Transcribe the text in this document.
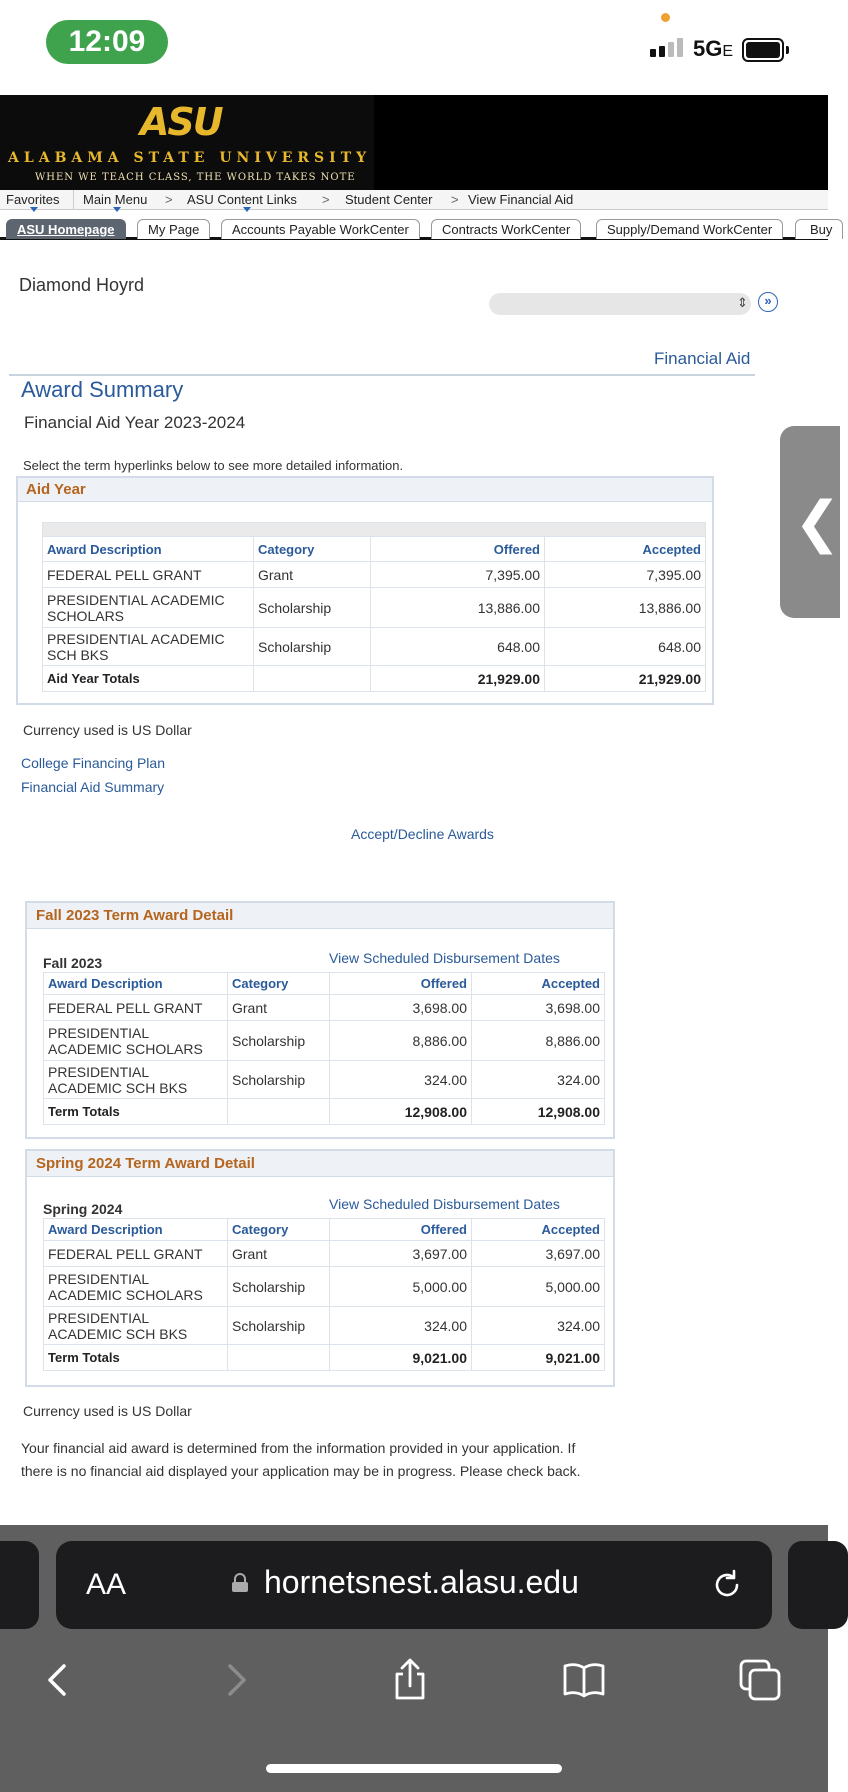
12:09	5GE
ASU
ALABAMA STATE UNIVERSITY
WHEN WE TEACH CLASS, THE WORLD TAKES NOTE
Favorites Main Menu > ASU Content Links > Student Center > View Financial Aid
ASU Homepage	My Page	Accounts Payable WorkCenter	Contracts WorkCenter	Supply/Demand WorkCenter	Buy
Diamond Hoyrd
⇕	»
Financial Aid
Award Summary
Financial Aid Year 2023-2024
Select the term hyperlinks below to see more detailed information.
Aid Year

Award Description	Category	Offered	Accepted
FEDERAL PELL GRANT	Grant	7,395.00	7,395.00
PRESIDENTIAL ACADEMIC SCHOLARS	Scholarship	13,886.00	13,886.00
PRESIDENTIAL ACADEMIC SCH BKS	Scholarship	648.00	648.00
Aid Year Totals		21,929.00	21,929.00
Currency used is US Dollar
College Financing Plan
Financial Aid Summary
Accept/Decline Awards
Fall 2023 Term Award Detail
Fall 2023	View Scheduled Disbursement Dates
Award Description	Category	Offered	Accepted
FEDERAL PELL GRANT	Grant	3,698.00	3,698.00
PRESIDENTIAL ACADEMIC SCHOLARS	Scholarship	8,886.00	8,886.00
PRESIDENTIAL ACADEMIC SCH BKS	Scholarship	324.00	324.00
Term Totals		12,908.00	12,908.00
Spring 2024 Term Award Detail
Spring 2024	View Scheduled Disbursement Dates
Award Description	Category	Offered	Accepted
FEDERAL PELL GRANT	Grant	3,697.00	3,697.00
PRESIDENTIAL ACADEMIC SCHOLARS	Scholarship	5,000.00	5,000.00
PRESIDENTIAL ACADEMIC SCH BKS	Scholarship	324.00	324.00
Term Totals		9,021.00	9,021.00
Currency used is US Dollar
Your financial aid award is determined from the information provided in your application. If there is no financial aid displayed your application may be in progress. Please check back.
❮
AA	hornetsnest.alasu.edu
